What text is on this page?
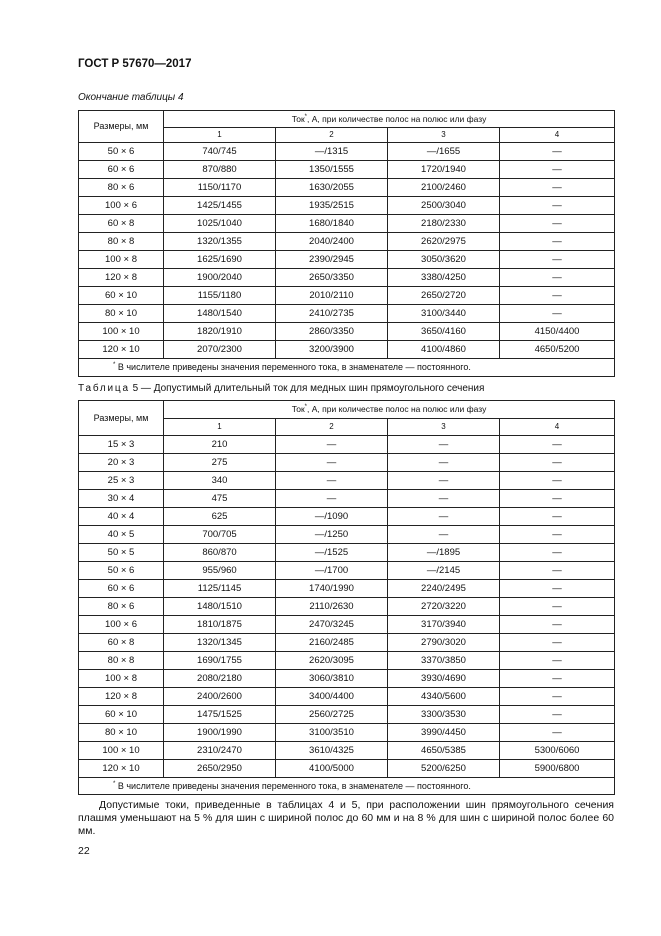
ГОСТ Р 57670—2017
Окончание таблицы 4
Размеры, мм	Ток*, А, при количестве полос на полюс или фазу			
	1	2	3	4
50 × 6	740/745	—/1315	—/1655	—
60 × 6	870/880	1350/1555	1720/1940	—
80 × 6	1150/1170	1630/2055	2100/2460	—
100 × 6	1425/1455	1935/2515	2500/3040	—
60 × 8	1025/1040	1680/1840	2180/2330	—
80 × 8	1320/1355	2040/2400	2620/2975	—
100 × 8	1625/1690	2390/2945	3050/3620	—
120 × 8	1900/2040	2650/3350	3380/4250	—
60 × 10	1155/1180	2010/2110	2650/2720	—
80 × 10	1480/1540	2410/2735	3100/3440	—
100 × 10	1820/1910	2860/3350	3650/4160	4150/4400
120 × 10	2070/2300	3200/3900	4100/4860	4650/5200
* В числителе приведены значения переменного тока, в знаменателе — постоянного.				
Таблица 5 — Допустимый длительный ток для медных шин прямоугольного сечения
Размеры, мм	Ток*, А, при количестве полос на полюс или фазу			
	1	2	3	4
15 × 3	210	—	—	—
20 × 3	275	—	—	—
25 × 3	340	—	—	—
30 × 4	475	—	—	—
40 × 4	625	—/1090	—	—
40 × 5	700/705	—/1250	—	—
50 × 5	860/870	—/1525	—/1895	—
50 × 6	955/960	—/1700	—/2145	—
60 × 6	1125/1145	1740/1990	2240/2495	—
80 × 6	1480/1510	2110/2630	2720/3220	—
100 × 6	1810/1875	2470/3245	3170/3940	—
60 × 8	1320/1345	2160/2485	2790/3020	—
80 × 8	1690/1755	2620/3095	3370/3850	—
100 × 8	2080/2180	3060/3810	3930/4690	—
120 × 8	2400/2600	3400/4400	4340/5600	—
60 × 10	1475/1525	2560/2725	3300/3530	—
80 × 10	1900/1990	3100/3510	3990/4450	—
100 × 10	2310/2470	3610/4325	4650/5385	5300/6060
120 × 10	2650/2950	4100/5000	5200/6250	5900/6800
* В числителе приведены значения переменного тока, в знаменателе — постоянного.				
Допустимые токи, приведенные в таблицах 4 и 5, при расположении шин прямоугольного сечения плашмя уменьшают на 5 % для шин с шириной полос до 60 мм и на 8 % для шин с шириной полос более 60 мм.
22
